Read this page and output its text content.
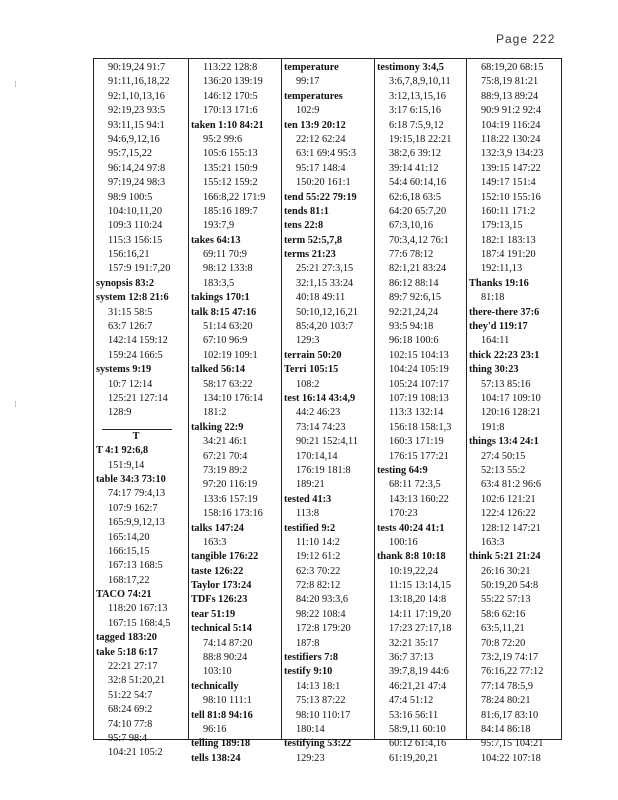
Page 222
⁝
⁝
90:19,24 91:7
91:11,16,18,22
92:1,10,13,16
92:19,23 93:5
93:11,15 94:1
94:6,9,12,16
95:7,15,22
96:14,24 97:8
97:19,24 98:3
98:9 100:5
104:10,11,20
109:3 110:24
115:3 156:15
156:16,21
157:9 191:7,20
synopsis 83:2
system 12:8 21:6
31:15 58:5
63:7 126:7
142:14 159:12
159:24 166:5
systems 9:19
10:7 12:14
125:21 127:14
128:9
T
T 4:1 92:6,8
151:9,14
table 34:3 73:10
74:17 79:4,13
107:9 162:7
165:9,9,12,13
165:14,20
166:15,15
167:13 168:5
168:17,22
TACO 74:21
118:20 167:13
167:15 168:4,5
tagged 183:20
take 5:18 6:17
22:21 27:17
32:8 51:20,21
51:22 54:7
68:24 69:2
74:10 77:8
95:7 98:4
104:21 105:2
113:22 128:8
136:20 139:19
146:12 170:5
170:13 171:6
taken 1:10 84:21
95:2 99:6
105:6 155:13
135:21 150:9
155:12 159:2
166:8,22 171:9
185:16 189:7
193:7,9
takes 64:13
69:11 70:9
98:12 133:8
183:3,5
takings 170:1
talk 8:15 47:16
51:14 63:20
67:10 96:9
102:19 109:1
talked 56:14
58:17 63:22
134:10 176:14
181:2
talking 22:9
34:21 46:1
67:21 70:4
73:19 89:2
97:20 116:19
133:6 157:19
158:16 173:16
talks 147:24
163:3
tangible 176:22
taste 126:22
Taylor 173:24
TDFs 126:23
tear 51:19
technical 5:14
74:14 87:20
88:8 90:24
103:10
technically
98:10 111:1
tell 81:8 94:16
96:16
telling 189:18
tells 138:24
temperature
99:17
temperatures
102:9
ten 13:9 20:12
22:12 62:24
63:1 69:4 95:3
95:17 148:4
150:20 161:1
tend 55:22 79:19
tends 81:1
tens 22:8
term 52:5,7,8
terms 21:23
25:21 27:3,15
32:1,15 33:24
40:18 49:11
50:10,12,16,21
85:4,20 103:7
129:3
terrain 50:20
Terri 105:15
108:2
test 16:14 43:4,9
44:2 46:23
73:14 74:23
90:21 152:4,11
170:14,14
176:19 181:8
189:21
tested 41:3
113:8
testified 9:2
11:10 14:2
19:12 61:2
62:3 70:22
72:8 82:12
84:20 93:3,6
98:22 108:4
172:8 179:20
187:8
testifiers 7:8
testify 9:10
14:13 18:1
75:13 87:22
98:10 110:17
180:14
testifying 53:22
129:23
testimony 3:4,5
3:6,7,8,9,10,11
3:12,13,15,16
3:17 6:15,16
6:18 7:5,9,12
19:15,18 22:21
38:2,6 39:12
39:14 41:12
54:4 60:14,16
62:6,18 63:5
64:20 65:7,20
67:3,10,16
70:3,4,12 76:1
77:6 78:12
82:1,21 83:24
86:12 88:14
89:7 92:6,15
92:21,24,24
93:5 94:18
96:18 100:6
102:15 104:13
104:24 105:19
105:24 107:17
107:19 108:13
113:3 132:14
156:18 158:1,3
160:3 171:19
176:15 177:21
testing 64:9
68:11 72:3,5
143:13 160:22
170:23
tests 40:24 41:1
100:16
thank 8:8 10:18
10:19,22,24
11:15 13:14,15
13:18,20 14:8
14:11 17:19,20
17:23 27:17,18
32:21 35:17
36:7 37:13
39:7,8,19 44:6
46:21,21 47:4
47:4 51:12
53:16 56:11
58:9,11 60:10
60:12 61:4,16
61:19,20,21
68:19,20 68:15
75:8,19 81:21
88:9,13 89:24
90:9 91:2 92:4
104:19 116:24
118:22 130:24
132:3,9 134:23
139:15 147:22
149:17 151:4
152:10 155:16
160:11 171:2
179:13,15
182:1 183:13
187:4 191:20
192:11,13
Thanks 19:16
81:18
there-there 37:6
they'd 119:17
164:11
thick 22:23 23:1
thing 30:23
57:13 85:16
104:17 109:10
120:16 128:21
191:8
things 13:4 24:1
27:4 50:15
52:13 55:2
63:4 81:2 96:6
102:6 121:21
122:4 126:22
128:12 147:21
163:3
think 5:21 21:24
26:16 30:21
50:19,20 54:8
55:22 57:13
58:6 62:16
63:5,11,21
70:8 72:20
73:2,19 74:17
76:16,22 77:12
77:14 78:5,9
78:24 80:21
81:6,17 83:10
84:14 86:18
95:7,15 104:21
104:22 107:18
